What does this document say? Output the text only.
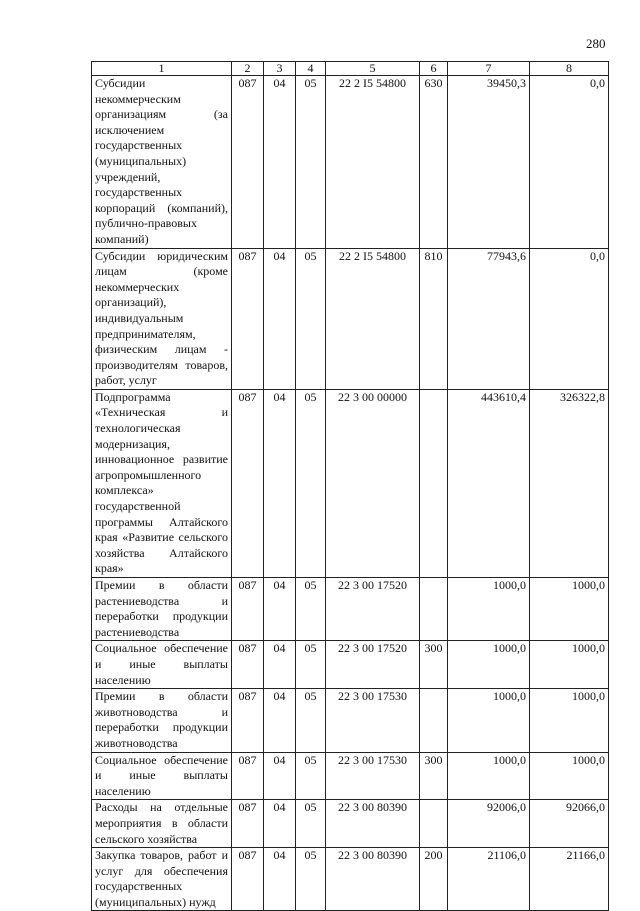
280
1	2	3	4	5	6	7	8
Субсидии некоммерческим организациям (за исключением государственных (муниципальных) учреждений, государственных корпораций (компаний), публично-правовых компаний)	087	04	05	22 2 I5 54800	630	39450,3	0,0
Субсидии юридическим лицам (кроме некоммерческих организаций), индивидуальным предпринимателям, физическим лицам - производителям товаров, работ, услуг	087	04	05	22 2 I5 54800	810	77943,6	0,0
Подпрограмма «Техническая и технологическая модернизация, инновационное развитие агропромышленного комплекса» государственной программы Алтайского края «Развитие сельского хозяйства Алтайского края»	087	04	05	22 3 00 00000		443610,4	326322,8
Премии в области растениеводства и переработки продукции растениеводства	087	04	05	22 3 00 17520		1000,0	1000,0
Социальное обеспечение и иные выплаты населению	087	04	05	22 3 00 17520	300	1000,0	1000,0
Премии в области животноводства и переработки продукции животноводства	087	04	05	22 3 00 17530		1000,0	1000,0
Социальное обеспечение и иные выплаты населению	087	04	05	22 3 00 17530	300	1000,0	1000,0
Расходы на отдельные мероприятия в области сельского хозяйства	087	04	05	22 3 00 80390		92006,0	92066,0
Закупка товаров, работ и услуг для обеспечения государственных (муниципальных) нужд	087	04	05	22 3 00 80390	200	21106,0	21166,0
